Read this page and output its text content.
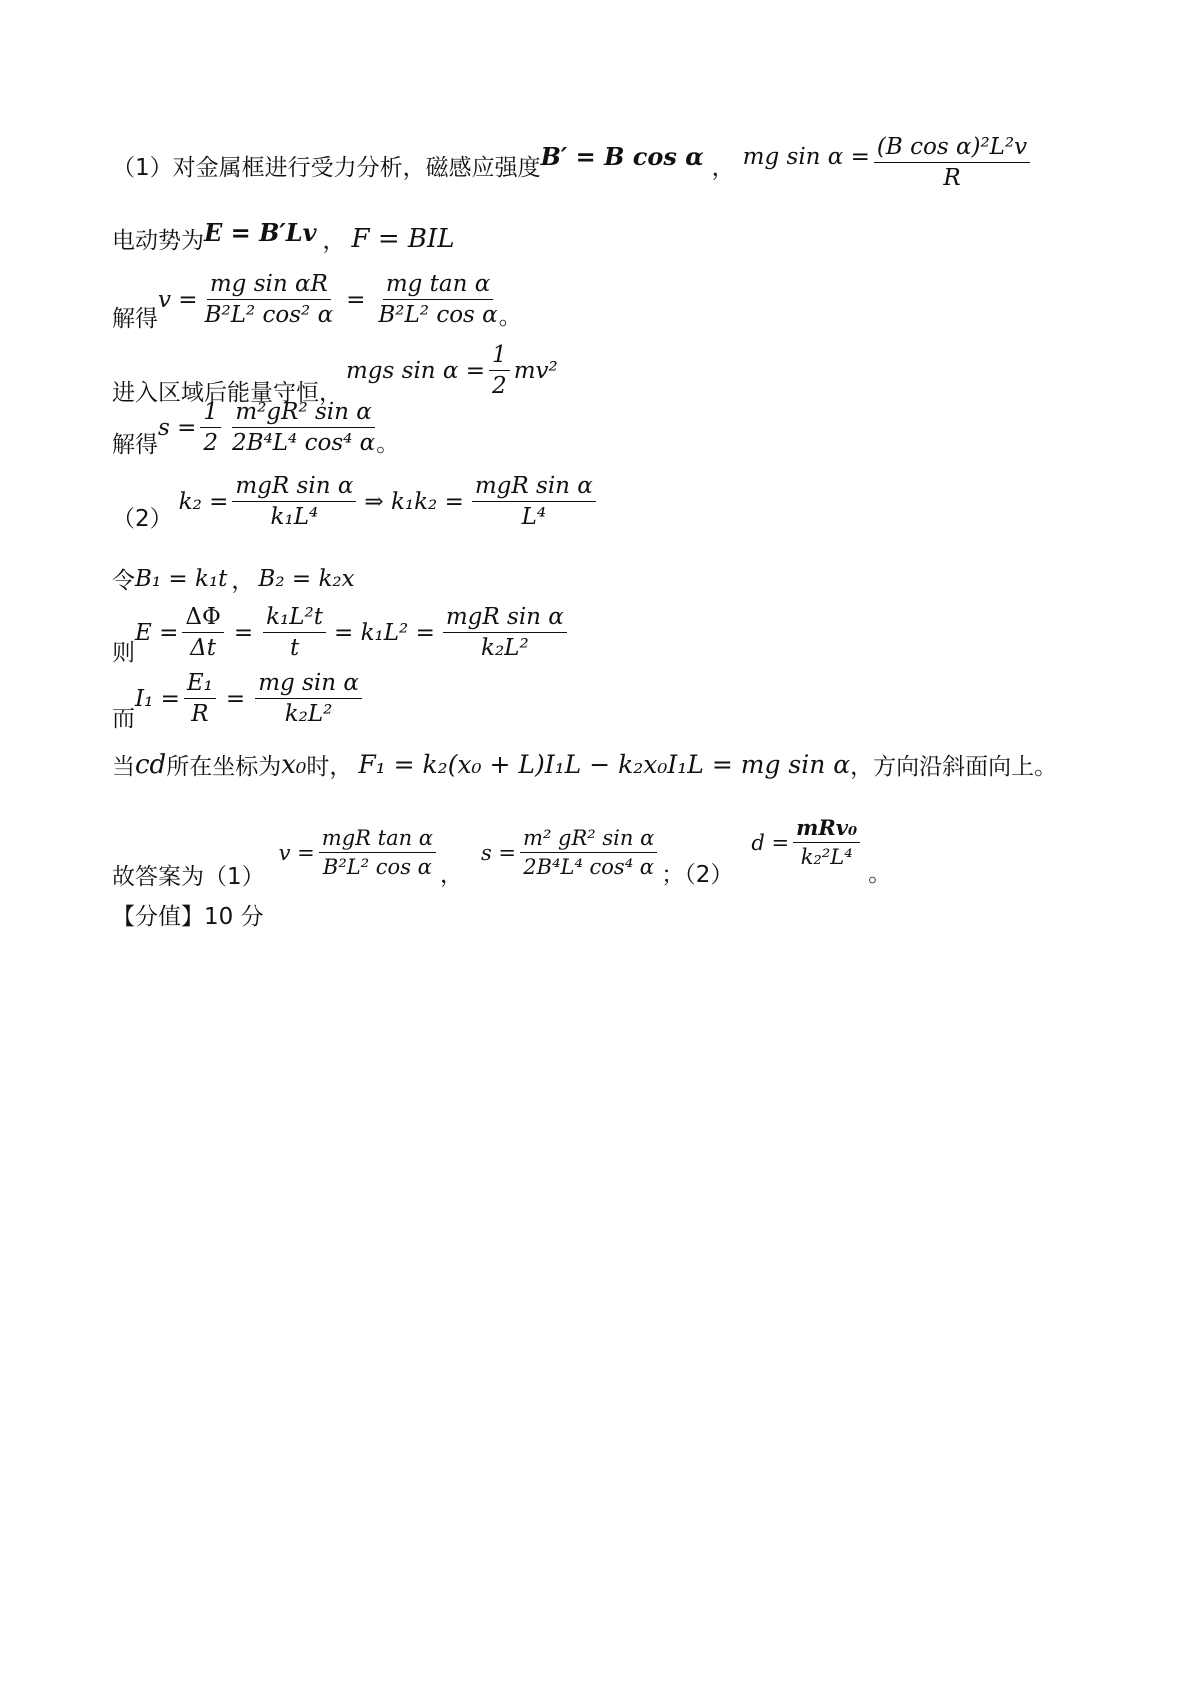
（1）对金属框进行受力分析，磁感应强度 B′ = B cos α ， mg $\sin \alpha = \frac{\text{(B cos α)²L²v}}{R}$
电动势为 E = B′Lv ， F = BIL
解得
$v = \frac{\text{mg sin αR}}{\text{B²L² cos² α}} = \frac{\text{mg tan α}}{\text{B²L² cos α}}$
。
进入区域后能量守恒，
mgs $\sin \alpha = \frac{1}{2} mv^2$
解得
$s = \frac{1}{2} \frac{\text{m²gR² sin α}}{\text{2B⁴L⁴ cos⁴ α}}$
。
（2）
$k_2 = \frac{\text{mgR sin α}}{\text{k₁L⁴}}$ ⇒ $k_1k_2 = \frac{\text{mgR sin α}}{\text{L⁴}}$
令 B₁ = k₁t ， B₂ = k₂x
则
$E = \frac{\Delta\Phi}{\Delta t} = \frac{\text{k₁L²t}}{t} = k_1L^2 = \frac{\text{mgR sin α}}{\text{k₂L²}}$
而
$I_1 = \frac{\text{E₁}}{R} = \frac{\text{mg sin α}}{\text{k₂L²}}$
当 cd 所在坐标为 x₀ 时， F₁ = k₂(x₀ + L)I₁L − k₂x₀I₁L = mg sin α ，方向沿斜面向上。
故答案为（1）
$v = \frac{\text{mgR tan α}}{\text{B²L² cos α}}$ ，
$s = \frac{\text{m² gR² sin α}}{\text{2B⁴L⁴ cos⁴ α}}$ ；（2）
$d = \frac{\text{mRv₀}}{\text{k₂²L⁴}}$
。
【分值】10 分
